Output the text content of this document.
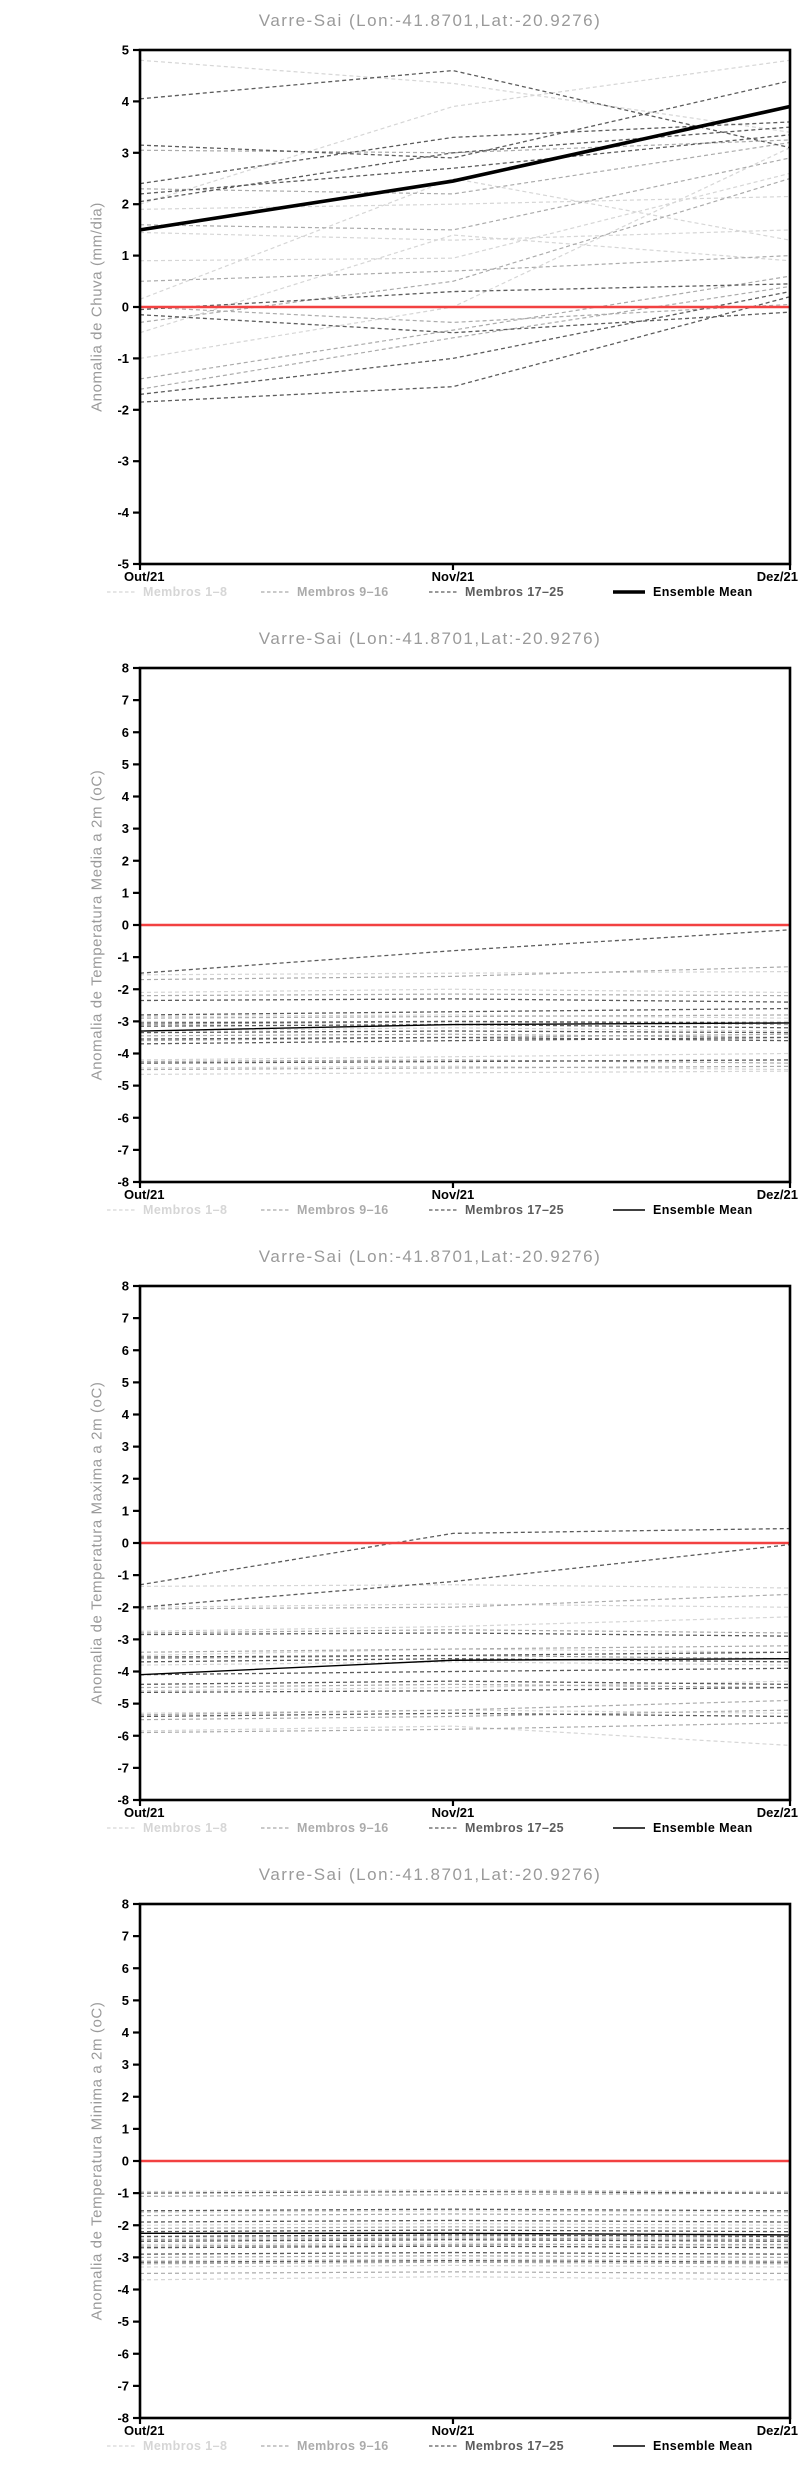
Varre-Sai (Lon:-41.8701,Lat:-20.9276)
Anomalia de Chuva (mm/dia)
-5
-4
-3
-2
-1
0
1
2
3
4
5
Out/21	Nov/21	Dez/21
Membros 1–8	Membros 9–16	Membros 17–25	Ensemble Mean
Varre-Sai (Lon:-41.8701,Lat:-20.9276)
Anomalia de Temperatura Media a 2m (oC)
-8
-7
-6
-5
-4
-3
-2
-1
0
1
2
3
4
5
6
7
8
Out/21	Nov/21	Dez/21
Membros 1–8	Membros 9–16	Membros 17–25	Ensemble Mean
Varre-Sai (Lon:-41.8701,Lat:-20.9276)
Anomalia de Temperatura Maxima a 2m (oC)
-8
-7
-6
-5
-4
-3
-2
-1
0
1
2
3
4
5
6
7
8
Out/21	Nov/21	Dez/21
Membros 1–8	Membros 9–16	Membros 17–25	Ensemble Mean
Varre-Sai (Lon:-41.8701,Lat:-20.9276)
Anomalia de Temperatura Minima a 2m (oC)
-8
-7
-6
-5
-4
-3
-2
-1
0
1
2
3
4
5
6
7
8
Out/21	Nov/21	Dez/21
Membros 1–8	Membros 9–16	Membros 17–25	Ensemble Mean
